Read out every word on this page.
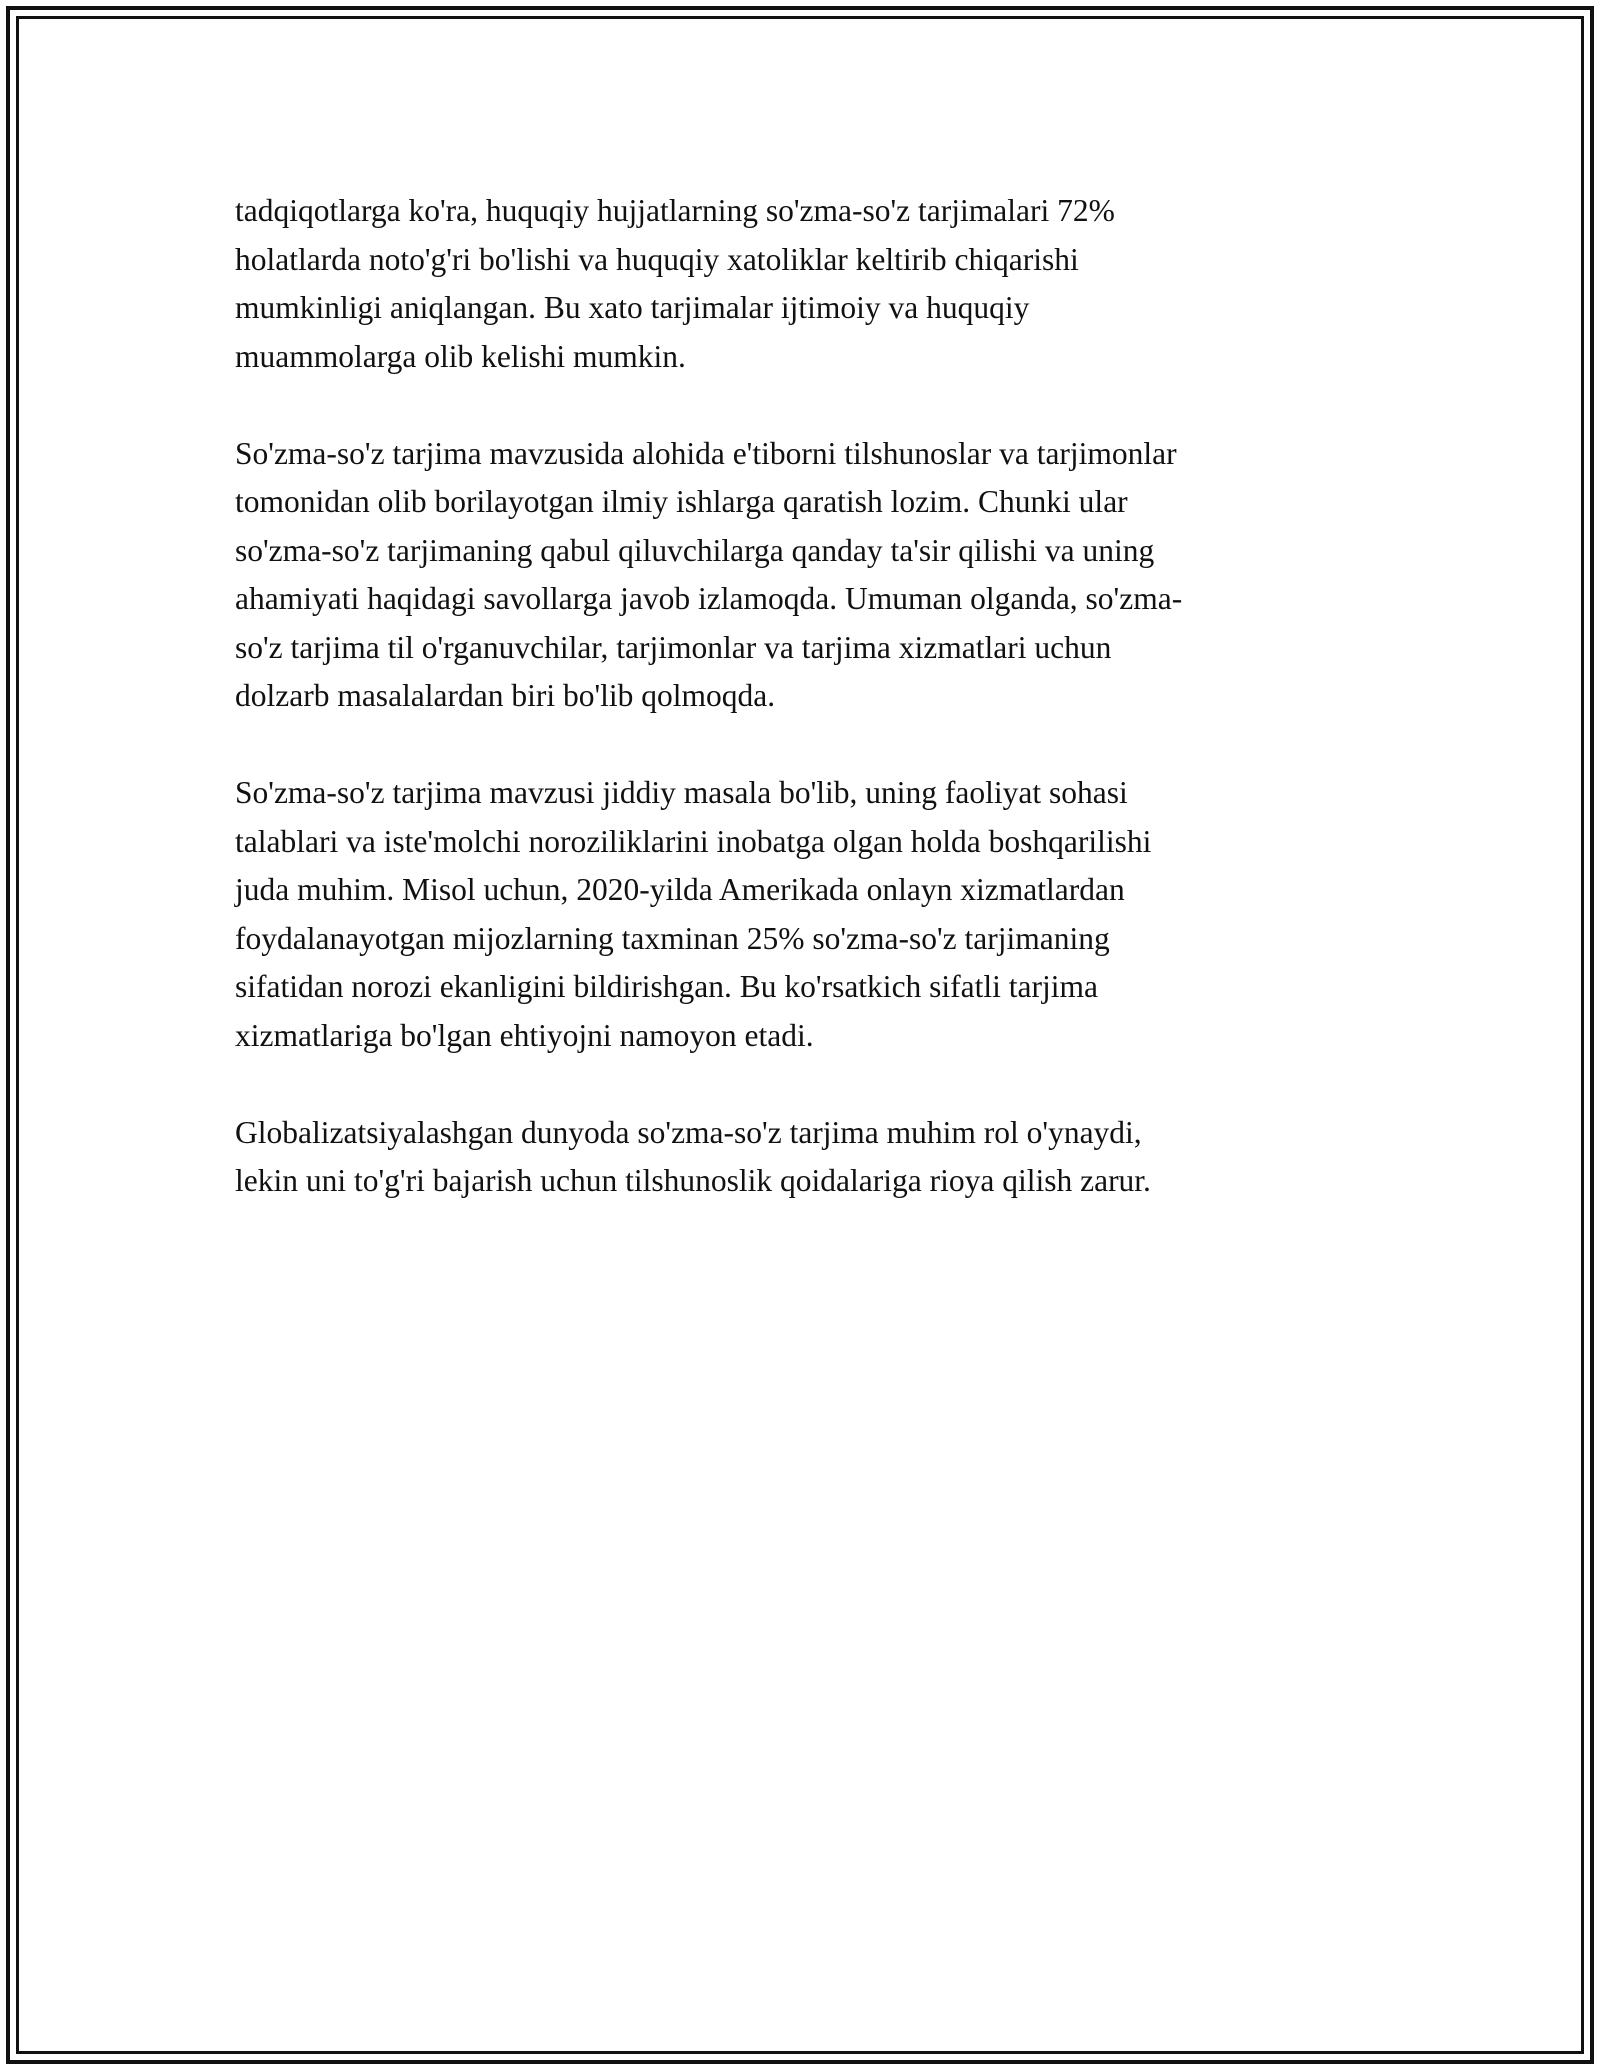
tadqiqotlarga ko'ra, huquqiy hujjatlarning so'zma-so'z tarjimalari 72%
holatlarda noto'g'ri bo'lishi va huquqiy xatoliklar keltirib chiqarishi
mumkinligi aniqlangan. Bu xato tarjimalar ijtimoiy va huquqiy
muammolarga olib kelishi mumkin.

So'zma-so'z tarjima mavzusida alohida e'tiborni tilshunoslar va tarjimonlar
tomonidan olib borilayotgan ilmiy ishlarga qaratish lozim. Chunki ular
so'zma-so'z tarjimaning qabul qiluvchilarga qanday ta'sir qilishi va uning
ahamiyati haqidagi savollarga javob izlamoqda. Umuman olganda, so'zma-
so'z tarjima til o'rganuvchilar, tarjimonlar va tarjima xizmatlari uchun
dolzarb masalalardan biri bo'lib qolmoqda.

So'zma-so'z tarjima mavzusi jiddiy masala bo'lib, uning faoliyat sohasi
talablari va iste'molchi noroziliklarini inobatga olgan holda boshqarilishi
juda muhim. Misol uchun, 2020-yilda Amerikada onlayn xizmatlardan
foydalanayotgan mijozlarning taxminan 25% so'zma-so'z tarjimaning
sifatidan norozi ekanligini bildirishgan. Bu ko'rsatkich sifatli tarjima
xizmatlariga bo'lgan ehtiyojni namoyon etadi.

Globalizatsiyalashgan dunyoda so'zma-so'z tarjima muhim rol o'ynaydi,
lekin uni to'g'ri bajarish uchun tilshunoslik qoidalariga rioya qilish zarur.
